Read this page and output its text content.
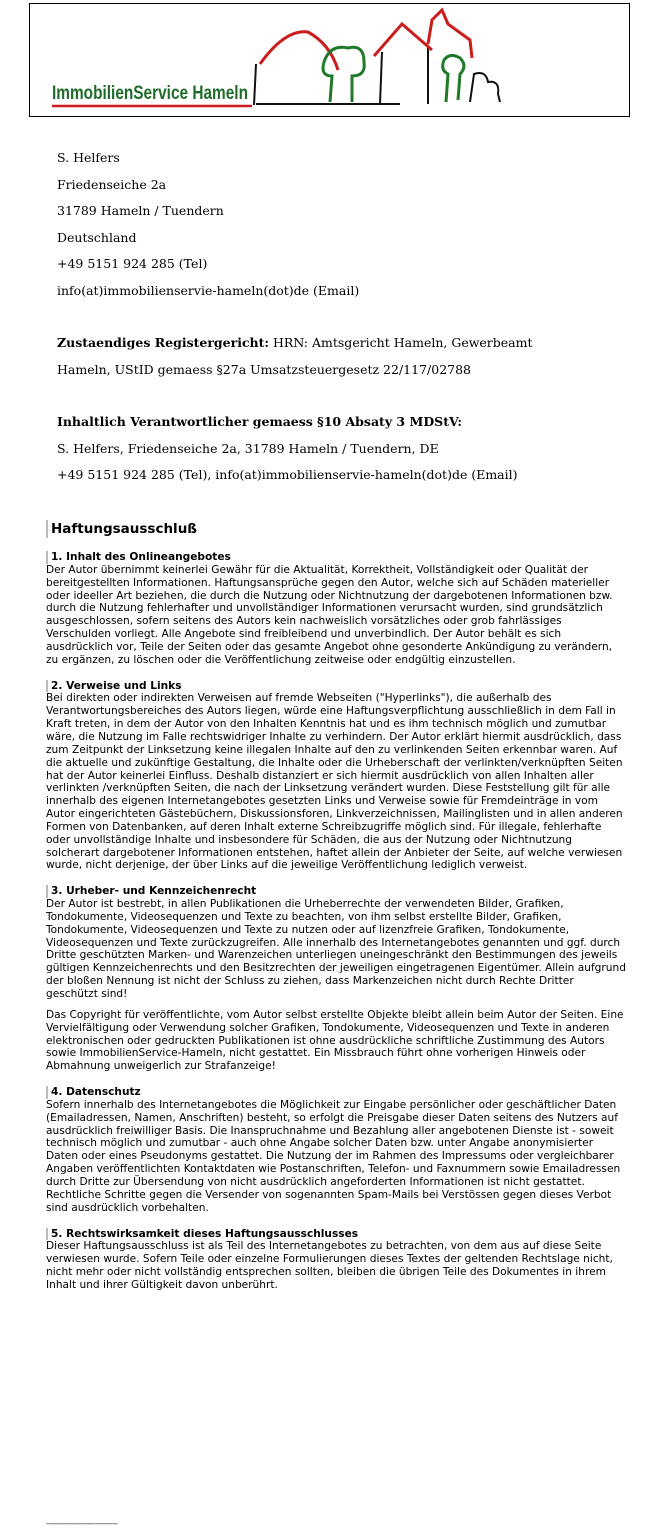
ImmobilienService Hameln

S. Helfers

Friedenseiche 2a

31789 Hameln / Tuendern

Deutschland

+49 5151 924 285 (Tel)

info(at)immobilienservie-hameln(dot)de (Email)

Zustaendiges Registergericht: HRN: Amtsgericht Hameln, Gewerbeamt

Hameln, UStID gemaess §27a Umsatzsteuergesetz 22/117/02788

Inhaltlich Verantwortlicher gemaess §10 Absaty 3 MDStV:

S. Helfers, Friedenseiche 2a, 31789 Hameln / Tuendern, DE

+49 5151 924 285 (Tel), info(at)immobilienservie-hameln(dot)de (Email)

Haftungsausschluß
1. Inhalt des Onlineangebotes

Der Autor übernimmt keinerlei Gewähr für die Aktualität, Korrektheit, Vollständigkeit oder Qualität der bereitgestellten Informationen. Haftungsansprüche gegen den Autor, welche sich auf Schäden materieller oder ideeller Art beziehen, die durch die Nutzung oder Nichtnutzung der dargebotenen Informationen bzw. durch die Nutzung fehlerhafter und unvollständiger Informationen verursacht wurden, sind grundsätzlich ausgeschlossen, sofern seitens des Autors kein nachweislich vorsätzliches oder grob fahrlässiges Verschulden vorliegt. Alle Angebote sind freibleibend und unverbindlich. Der Autor behält es sich ausdrücklich vor, Teile der Seiten oder das gesamte Angebot ohne gesonderte Ankündigung zu verändern, zu ergänzen, zu löschen oder die Veröffentlichung zeitweise oder endgültig einzustellen.

2. Verweise und Links

Bei direkten oder indirekten Verweisen auf fremde Webseiten ("Hyperlinks"), die außerhalb des Verantwortungsbereiches des Autors liegen, würde eine Haftungsverpflichtung ausschließlich in dem Fall in Kraft treten, in dem der Autor von den Inhalten Kenntnis hat und es ihm technisch möglich und zumutbar wäre, die Nutzung im Falle rechtswidriger Inhalte zu verhindern. Der Autor erklärt hiermit ausdrücklich, dass zum Zeitpunkt der Linksetzung keine illegalen Inhalte auf den zu verlinkenden Seiten erkennbar waren. Auf die aktuelle und zukünftige Gestaltung, die Inhalte oder die Urheberschaft der verlinkten/verknüpften Seiten hat der Autor keinerlei Einfluss. Deshalb distanziert er sich hiermit ausdrücklich von allen Inhalten aller verlinkten /verknüpften Seiten, die nach der Linksetzung verändert wurden. Diese Feststellung gilt für alle innerhalb des eigenen Internetangebotes gesetzten Links und Verweise sowie für Fremdeinträge in vom Autor eingerichteten Gästebüchern, Diskussionsforen, Linkverzeichnissen, Mailinglisten und in allen anderen Formen von Datenbanken, auf deren Inhalt externe Schreibzugriffe möglich sind. Für illegale, fehlerhafte oder unvollständige Inhalte und insbesondere für Schäden, die aus der Nutzung oder Nichtnutzung solcherart dargebotener Informationen entstehen, haftet allein der Anbieter der Seite, auf welche verwiesen wurde, nicht derjenige, der über Links auf die jeweilige Veröffentlichung lediglich verweist.

3. Urheber- und Kennzeichenrecht

Der Autor ist bestrebt, in allen Publikationen die Urheberrechte der verwendeten Bilder, Grafiken, Tondokumente, Videosequenzen und Texte zu beachten, von ihm selbst erstellte Bilder, Grafiken, Tondokumente, Videosequenzen und Texte zu nutzen oder auf lizenzfreie Grafiken, Tondokumente, Videosequenzen und Texte zurückzugreifen. Alle innerhalb des Internetangebotes genannten und ggf. durch Dritte geschützten Marken- und Warenzeichen unterliegen uneingeschränkt den Bestimmungen des jeweils gültigen Kennzeichenrechts und den Besitzrechten der jeweiligen eingetragenen Eigentümer. Allein aufgrund der bloßen Nennung ist nicht der Schluss zu ziehen, dass Markenzeichen nicht durch Rechte Dritter geschützt sind!

Das Copyright für veröffentlichte, vom Autor selbst erstellte Objekte bleibt allein beim Autor der Seiten. Eine Vervielfältigung oder Verwendung solcher Grafiken, Tondokumente, Videosequenzen und Texte in anderen elektronischen oder gedruckten Publikationen ist ohne ausdrückliche schriftliche Zustimmung des Autors sowie ImmobilienService-Hameln, nicht gestattet. Ein Missbrauch führt ohne vorherigen Hinweis oder Abmahnung unweigerlich zur Strafanzeige!

4. Datenschutz

Sofern innerhalb des Internetangebotes die Möglichkeit zur Eingabe persönlicher oder geschäftlicher Daten (Emailadressen, Namen, Anschriften) besteht, so erfolgt die Preisgabe dieser Daten seitens des Nutzers auf ausdrücklich freiwilliger Basis. Die Inanspruchnahme und Bezahlung aller angebotenen Dienste ist - soweit technisch möglich und zumutbar - auch ohne Angabe solcher Daten bzw. unter Angabe anonymisierter Daten oder eines Pseudonyms gestattet. Die Nutzung der im Rahmen des Impressums oder vergleichbarer Angaben veröffentlichten Kontaktdaten wie Postanschriften, Telefon- und Faxnummern sowie Emailadressen durch Dritte zur Übersendung von nicht ausdrücklich angeforderten Informationen ist nicht gestattet. Rechtliche Schritte gegen die Versender von sogenannten Spam-Mails bei Verstössen gegen dieses Verbot sind ausdrücklich vorbehalten.

5. Rechtswirksamkeit dieses Haftungsausschlusses

Dieser Haftungsausschluss ist als Teil des Internetangebotes zu betrachten, von dem aus auf diese Seite verwiesen wurde. Sofern Teile oder einzelne Formulierungen dieses Textes der geltenden Rechtslage nicht, nicht mehr oder nicht vollständig entsprechen sollten, bleiben die übrigen Teile des Dokumentes in ihrem Inhalt und ihrer Gültigkeit davon unberührt.

--------------------------
